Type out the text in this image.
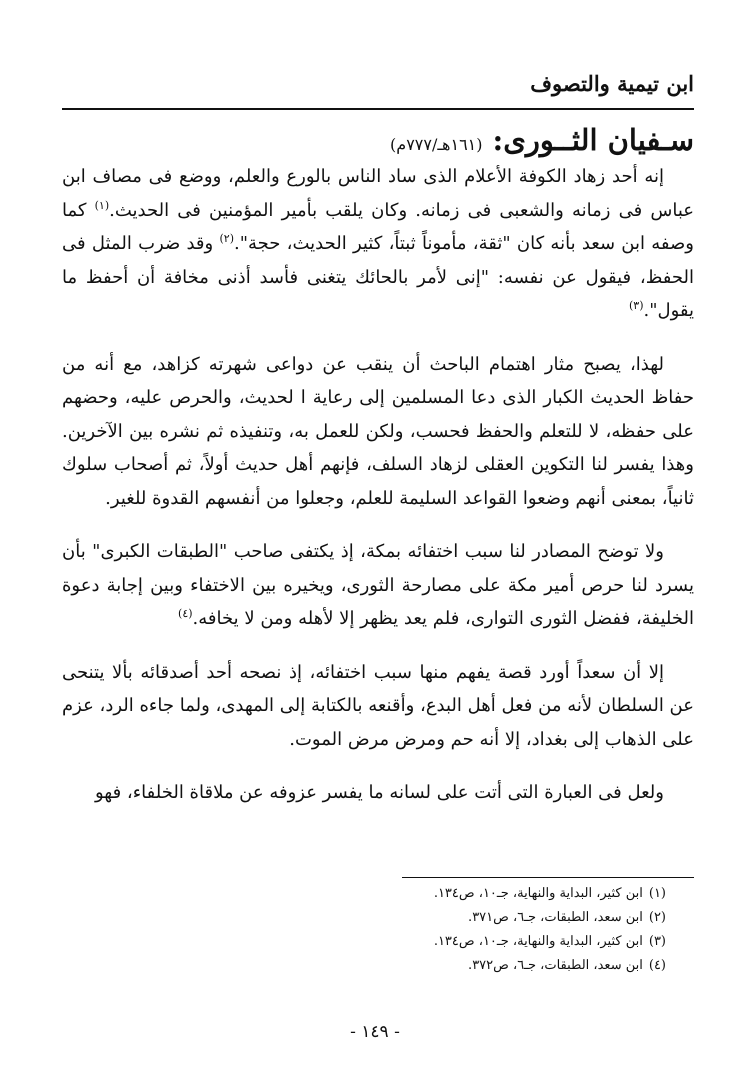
ابن تيمية والتصوف
سـفيان الثــورى:(١٦١هـ/٧٧٧م)

إنه أحد زهاد الكوفة الأعلام الذى ساد الناس بالورع والعلم، ووضع فى مصاف ابن عباس فى زمانه والشعبى فى زمانه. وكان يلقب بأمير المؤمنين فى الحديث.$^{(١)}$ كما وصفه ابن سعد بأنه كان "ثقة، مأموناً ثبتاً، كثير الحديث، حجة".$^{(٢)}$ وقد ضرب المثل فى الحفظ، فيقول عن نفسه: "إنى لأمر بالحائك يتغنى فأسد أذنى مخافة أن أحفظ ما يقول".$^{(٣)}$

لهذا، يصبح مثار اهتمام الباحث أن ينقب عن دواعى شهرته كزاهد، مع أنه من حفاظ الحديث الكبار الذى دعا المسلمين إلى رعاية ا لحديث، والحرص عليه، وحضهم على حفظه، لا للتعلم والحفظ فحسب، ولكن للعمل به، وتنفيذه ثم نشره بين الآخرين. وهذا يفسر لنا التكوين العقلى لزهاد السلف، فإنهم أهل حديث أولاً، ثم أصحاب سلوك ثانياً، بمعنى أنهم وضعوا القواعد السليمة للعلم، وجعلوا من أنفسهم القدوة للغير.

ولا توضح المصادر لنا سبب اختفائه بمكة، إذ يكتفى صاحب "الطبقات الكبرى" بأن يسرد لنا حرص أمير مكة على مصارحة الثورى، ويخيره بين الاختفاء وبين إجابة دعوة الخليفة، ففضل الثورى التوارى، فلم يعد يظهر إلا لأهله ومن لا يخافه.$^{(٤)}$

إلا أن سعداً أورد قصة يفهم منها سبب اختفائه، إذ نصحه أحد أصدقائه بألا يتنحى عن السلطان لأنه من فعل أهل البدع، وأقنعه بالكتابة إلى المهدى، ولما جاءه الرد، عزم على الذهاب إلى بغداد، إلا أنه حم ومرض مرض الموت.

ولعل فى العبارة التى أتت على لسانه ما يفسر عزوفه عن ملاقاة الخلفاء، فهو

(١)ابن كثير، البداية والنهاية، جـ١٠، ص١٣٤.
(٢)ابن سعد، الطبقات، جـ٦، ص٣٧١.
(٣)ابن كثير، البداية والنهاية، جـ١٠، ص١٣٤.
(٤)ابن سعد، الطبقات، جـ٦، ص٣٧٢.
- ١٤٩ -
